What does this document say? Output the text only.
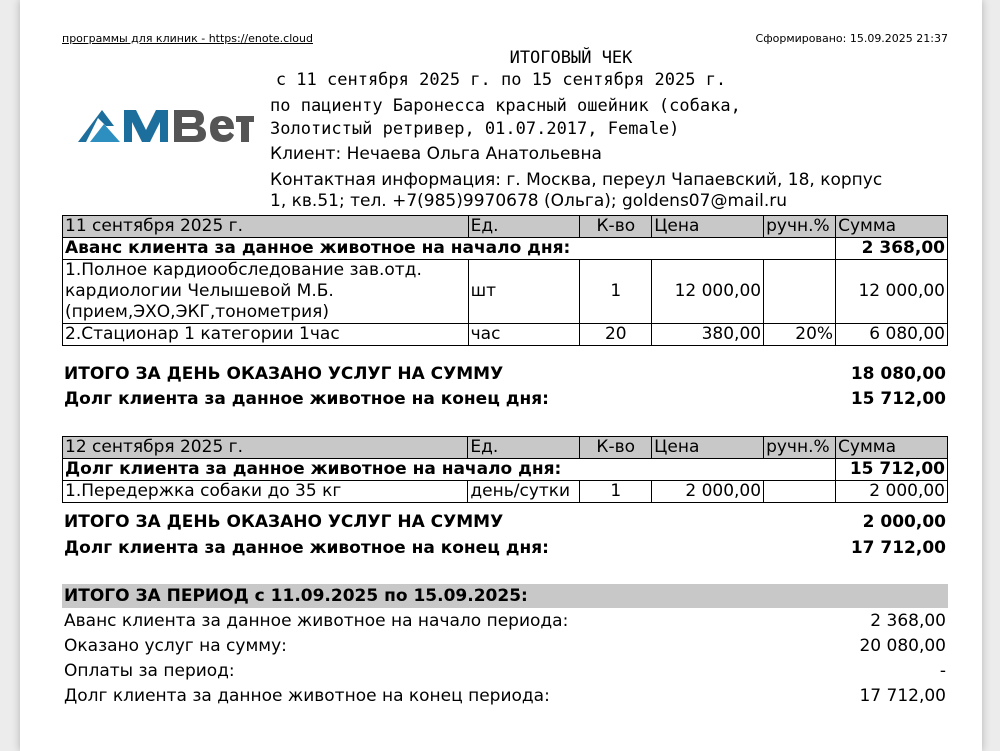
программы для клиник - https://enote.cloud	Сформировано: 15.09.2025 21:37
ИТОГОВЫЙ ЧЕК
с 11 сентября 2025 г. по 15 сентября 2025 г.
по пациенту Баронесса красный ошейник (собака,
Золотистый ретривер, 01.07.2017, Female)
Клиент: Нечаева Ольга Анатольевна
Контактная информация: г. Москва, переул Чапаевский, 18, корпус
1, кв.51; тел. +7(985)9970678 (Ольга); goldens07@mail.ru
11 сентября 2025 г.	Ед.	К-во	Цена	ручн.%	Сумма
Аванс клиента за данное животное на начало дня:					2 368,00

1.Полное кардиообследование зав.отд.
кардиологии Челышевой М.Б.
(прием,ЭХО,ЭКГ,тонометрия)	шт	1	12 000,00		12 000,00
2.Стационар 1 категории 1час	час	20	380,00	20%	6 080,00
ИТОГО ЗА ДЕНЬ ОКАЗАНО УСЛУГ НА СУММУ	18 080,00
Долг клиента за данное животное на конец дня:	15 712,00
12 сентября 2025 г.	Ед.	К-во	Цена	ручн.%	Сумма
Долг клиента за данное животное на начало дня:					15 712,00
1.Передержка собаки до 35 кг	день/сутки	1	2 000,00		2 000,00
ИТОГО ЗА ДЕНЬ ОКАЗАНО УСЛУГ НА СУММУ	2 000,00
Долг клиента за данное животное на конец дня:	17 712,00
ИТОГО ЗА ПЕРИОД с 11.09.2025 по 15.09.2025:
Аванс клиента за данное животное на начало периода:	2 368,00
Оказано услуг на сумму:	20 080,00
Оплаты за период:	-
Долг клиента за данное животное на конец периода:	17 712,00
